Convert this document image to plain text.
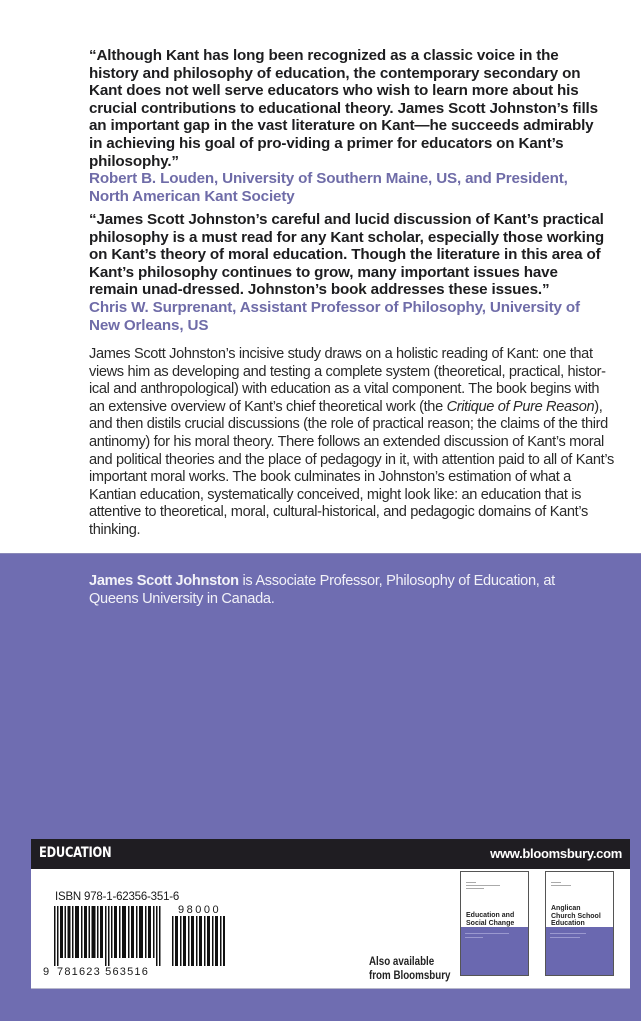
“Although Kant has long been recognized as a classic voice in the history and philosophy of education, the contemporary secondary on Kant does not well serve educators who wish to learn more about his crucial contributions to educational theory. James Scott Johnston’s fills an important gap in the vast literature on Kant—he succeeds admirably in achieving his goal of pro-viding a primer for educators on Kant’s philosophy.”
Robert B. Louden, University of Southern Maine, US, and President, North American Kant Society
“James Scott Johnston’s careful and lucid discussion of Kant’s practical philosophy is a must read for any Kant scholar, especially those working on Kant’s theory of moral education. Though the literature in this area of Kant’s philosophy continues to grow, many important issues have remain unad-dressed. Johnston’s book addresses these issues.”
Chris W. Surprenant, Assistant Professor of Philosophy, University of New Orleans, US
James Scott Johnston’s incisive study draws on a holistic reading of Kant: one that views him as developing and testing a complete system (theoretical, practical, histor-ical and anthropological) with education as a vital component. The book begins with an extensive overview of Kant’s chief theoretical work (the Critique of Pure Reason), and then distils crucial discussions (the role of practical reason; the claims of the third antinomy) for his moral theory. There follows an extended discussion of Kant’s moral and political theories and the place of pedagogy in it, with attention paid to all of Kant’s important moral works. The book culminates in Johnston’s estimation of what a Kantian education, systematically conceived, might look like: an education that is attentive to theoretical, moral, cultural-historical, and pedagogic domains of Kant’s thinking.
James Scott Johnston is Associate Professor, Philosophy of Education, at Queens University in Canada.
EDUCATION	www.bloomsbury.com
ISBN 978-1-62356-351-6
98000
9 781623 563516
Also available
from Bloomsbury
Education and
Social Change
Anglican
Church School
Education
